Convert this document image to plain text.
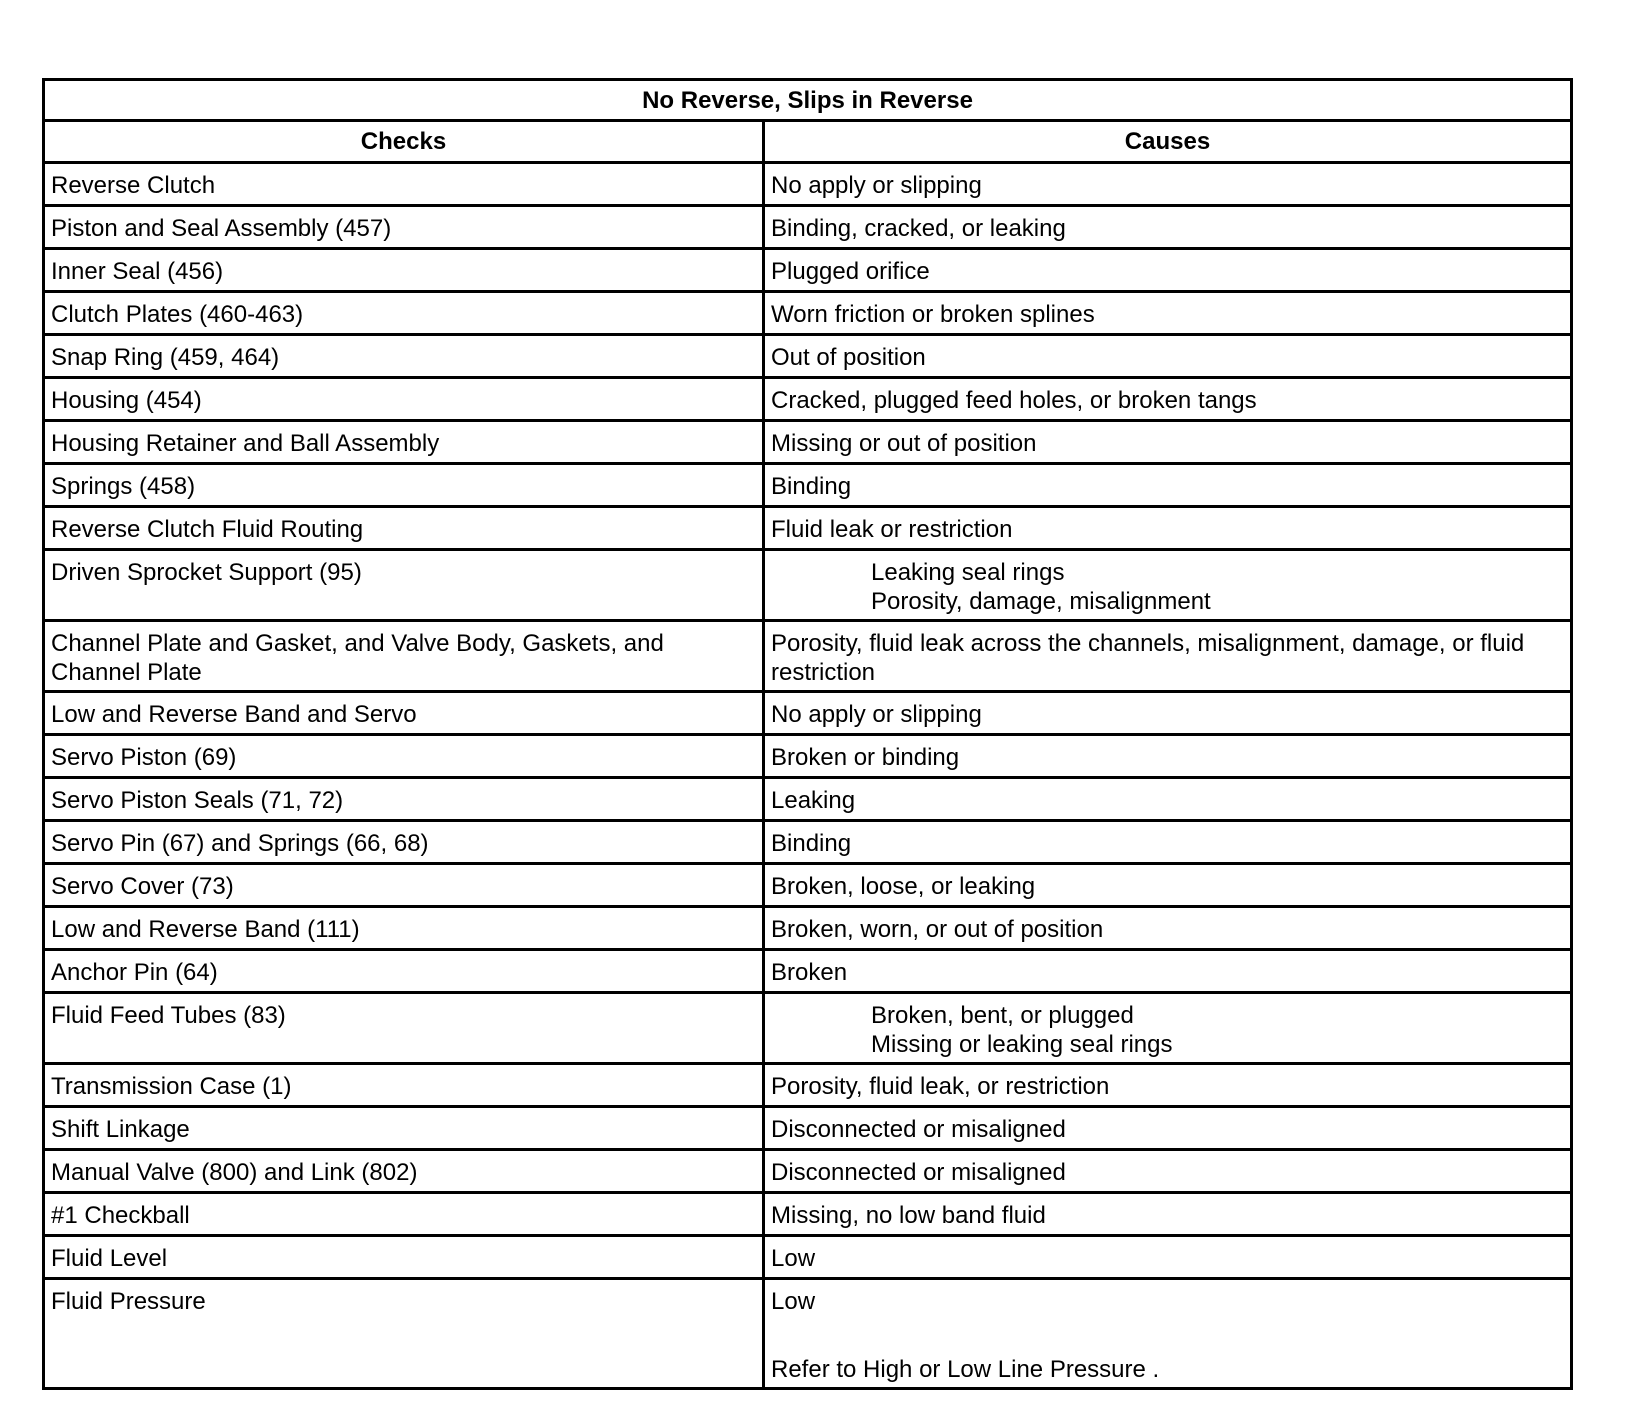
No Reverse, Slips in Reverse	
Checks	Causes
Reverse Clutch	No apply or slipping

Piston and Seal Assembly (457)	Binding, cracked, or leaking

Inner Seal (456)	Plugged orifice

Clutch Plates (460-463)	Worn friction or broken splines

Snap Ring (459, 464)	Out of position

Housing (454)	Cracked, plugged feed holes, or broken tangs

Housing Retainer and Ball Assembly	Missing or out of position

Springs (458)	Binding

Reverse Clutch Fluid Routing	Fluid leak or restriction

Driven Sprocket Support (95)	Leaking seal rings
Porosity, damage, misalignment

Channel Plate and Gasket, and Valve Body, Gaskets, and Channel Plate	Porosity, fluid leak across the channels, misalignment, damage, or fluid restriction

Low and Reverse Band and Servo	No apply or slipping

Servo Piston (69)	Broken or binding

Servo Piston Seals (71, 72)	Leaking

Servo Pin (67) and Springs (66, 68)	Binding

Servo Cover (73)	Broken, loose, or leaking

Low and Reverse Band (111)	Broken, worn, or out of position

Anchor Pin (64)	Broken

Fluid Feed Tubes (83)	Broken, bent, or plugged
Missing or leaking seal rings

Transmission Case (1)	Porosity, fluid leak, or restriction

Shift Linkage	Disconnected or misaligned

Manual Valve (800) and Link (802)	Disconnected or misaligned

#1 Checkball	Missing, no low band fluid

Fluid Level	Low

Fluid Pressure	Low
Refer to High or Low Line Pressure .
